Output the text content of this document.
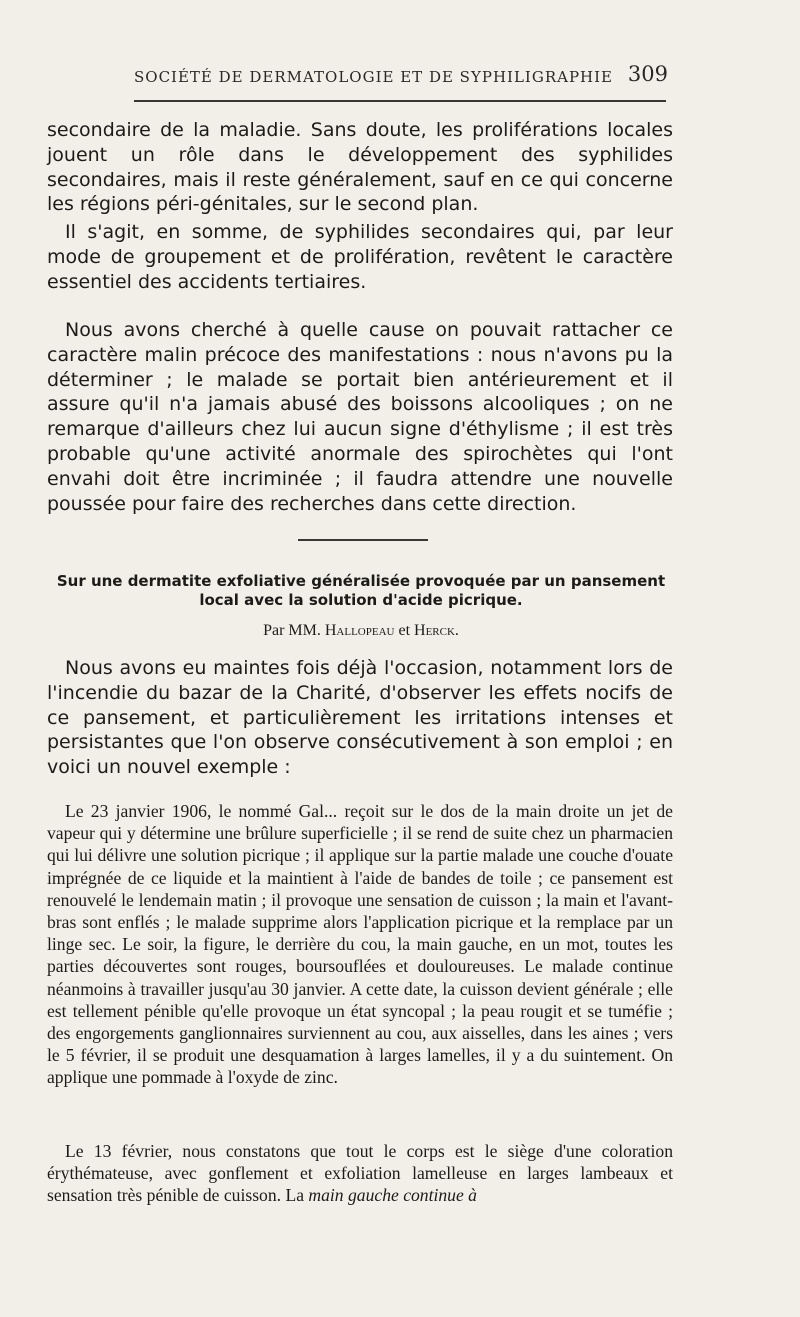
SOCIÉTÉ DE DERMATOLOGIE ET DE SYPHILIGRAPHIE 309

secondaire de la maladie. Sans doute, les proliférations locales jouent un rôle dans le développement des syphilides secondaires, mais il reste généralement, sauf en ce qui concerne les régions péri-génitales, sur le second plan.

Il s'agit, en somme, de syphilides secondaires qui, par leur mode de groupement et de prolifération, revêtent le caractère essentiel des accidents tertiaires.

Nous avons cherché à quelle cause on pouvait rattacher ce caractère malin précoce des manifestations : nous n'avons pu la déterminer ; le malade se portait bien antérieurement et il assure qu'il n'a jamais abusé des boissons alcooliques ; on ne remarque d'ailleurs chez lui aucun signe d'éthylisme ; il est très probable qu'une activité anormale des spirochètes qui l'ont envahi doit être incriminée ; il faudra attendre une nouvelle poussée pour faire des recherches dans cette direction.

Sur une dermatite exfoliative généralisée provoquée par un pansement local avec la solution d'acide picrique.

Par MM. Hallopeau et Herck.

Nous avons eu maintes fois déjà l'occasion, notamment lors de l'incendie du bazar de la Charité, d'observer les effets nocifs de ce pansement, et particulièrement les irritations intenses et persistantes que l'on observe consécutivement à son emploi ; en voici un nouvel exemple :

Le 23 janvier 1906, le nommé Gal... reçoit sur le dos de la main droite un jet de vapeur qui y détermine une brûlure superficielle ; il se rend de suite chez un pharmacien qui lui délivre une solution picrique ; il applique sur la partie malade une couche d'ouate imprégnée de ce liquide et la maintient à l'aide de bandes de toile ; ce pansement est renouvelé le lendemain matin ; il provoque une sensation de cuisson ; la main et l'avant-bras sont enflés ; le malade supprime alors l'application picrique et la remplace par un linge sec. Le soir, la figure, le derrière du cou, la main gauche, en un mot, toutes les parties découvertes sont rouges, boursouflées et douloureuses. Le malade continue néanmoins à travailler jusqu'au 30 janvier. A cette date, la cuisson devient générale ; elle est tellement pénible qu'elle provoque un état syncopal ; la peau rougit et se tuméfie ; des engorgements ganglionnaires surviennent au cou, aux aisselles, dans les aines ; vers le 5 février, il se produit une desquamation à larges lamelles, il y a du suintement. On applique une pommade à l'oxyde de zinc.

Le 13 février, nous constatons que tout le corps est le siège d'une coloration érythémateuse, avec gonflement et exfoliation lamelleuse en larges lambeaux et sensation très pénible de cuisson. La main gauche continue à
